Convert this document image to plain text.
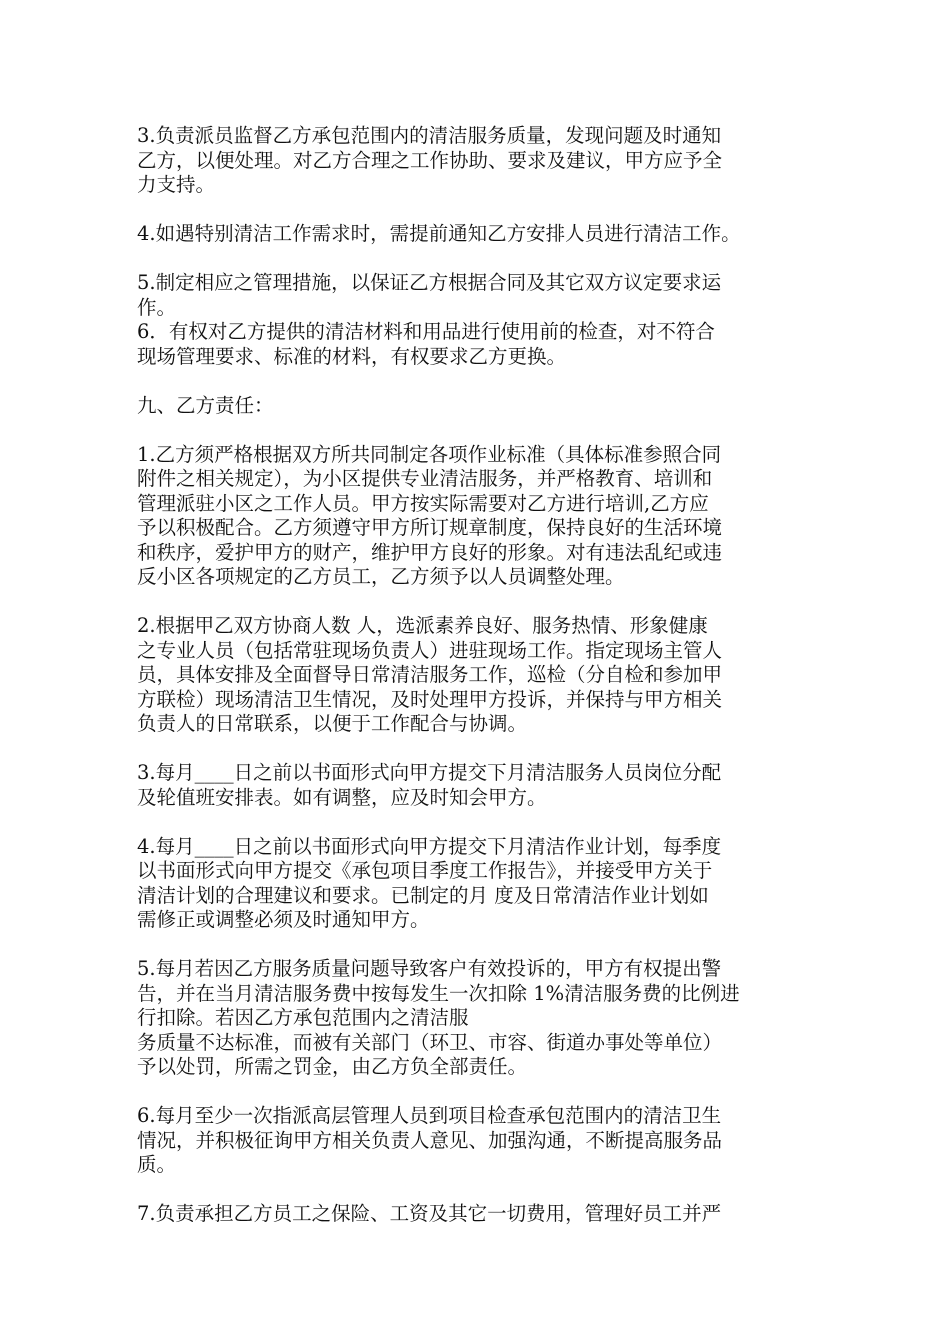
3.负责派员监督乙方承包范围内的清洁服务质量，发现问题及时通知
乙方，以便处理。对乙方合理之工作协助、要求及建议，甲方应予全
力支持。

4.如遇特别清洁工作需求时，需提前通知乙方安排人员进行清洁工作。

5.制定相应之管理措施，以保证乙方根据合同及其它双方议定要求运
作。

6．有权对乙方提供的清洁材料和用品进行使用前的检查，对不符合
现场管理要求、标准的材料，有权要求乙方更换。

九、乙方责任：

1.乙方须严格根据双方所共同制定各项作业标准（具体标准参照合同
附件之相关规定），为小区提供专业清洁服务，并严格教育、培训和
管理派驻小区之工作人员。甲方按实际需要对乙方进行培训,乙方应
予以积极配合。乙方须遵守甲方所订规章制度，保持良好的生活环境
和秩序，爱护甲方的财产，维护甲方良好的形象。对有违法乱纪或违
反小区各项规定的乙方员工，乙方须予以人员调整处理。

2.根据甲乙双方协商人数 人，选派素养良好、服务热情、形象健康
之专业人员（包括常驻现场负责人）进驻现场工作。指定现场主管人
员，具体安排及全面督导日常清洁服务工作，巡检（分自检和参加甲
方联检）现场清洁卫生情况，及时处理甲方投诉，并保持与甲方相关
负责人的日常联系，以便于工作配合与协调。

3.每月____日之前以书面形式向甲方提交下月清洁服务人员岗位分配
及轮值班安排表。如有调整，应及时知会甲方。

4.每月____日之前以书面形式向甲方提交下月清洁作业计划，每季度
以书面形式向甲方提交《承包项目季度工作报告》，并接受甲方关于
清洁计划的合理建议和要求。已制定的月 度及日常清洁作业计划如
需修正或调整必须及时通知甲方。

5.每月若因乙方服务质量问题导致客户有效投诉的，甲方有权提出警
告，并在当月清洁服务费中按每发生一次扣除 1%清洁服务费的比例进
行扣除。若因乙方承包范围内之清洁服
务质量不达标准，而被有关部门（环卫、市容、街道办事处等单位）
予以处罚，所需之罚金，由乙方负全部责任。

6.每月至少一次指派高层管理人员到项目检查承包范围内的清洁卫生
情况，并积极征询甲方相关负责人意见、加强沟通，不断提高服务品
质。

7.负责承担乙方员工之保险、工资及其它一切费用，管理好员工并严
